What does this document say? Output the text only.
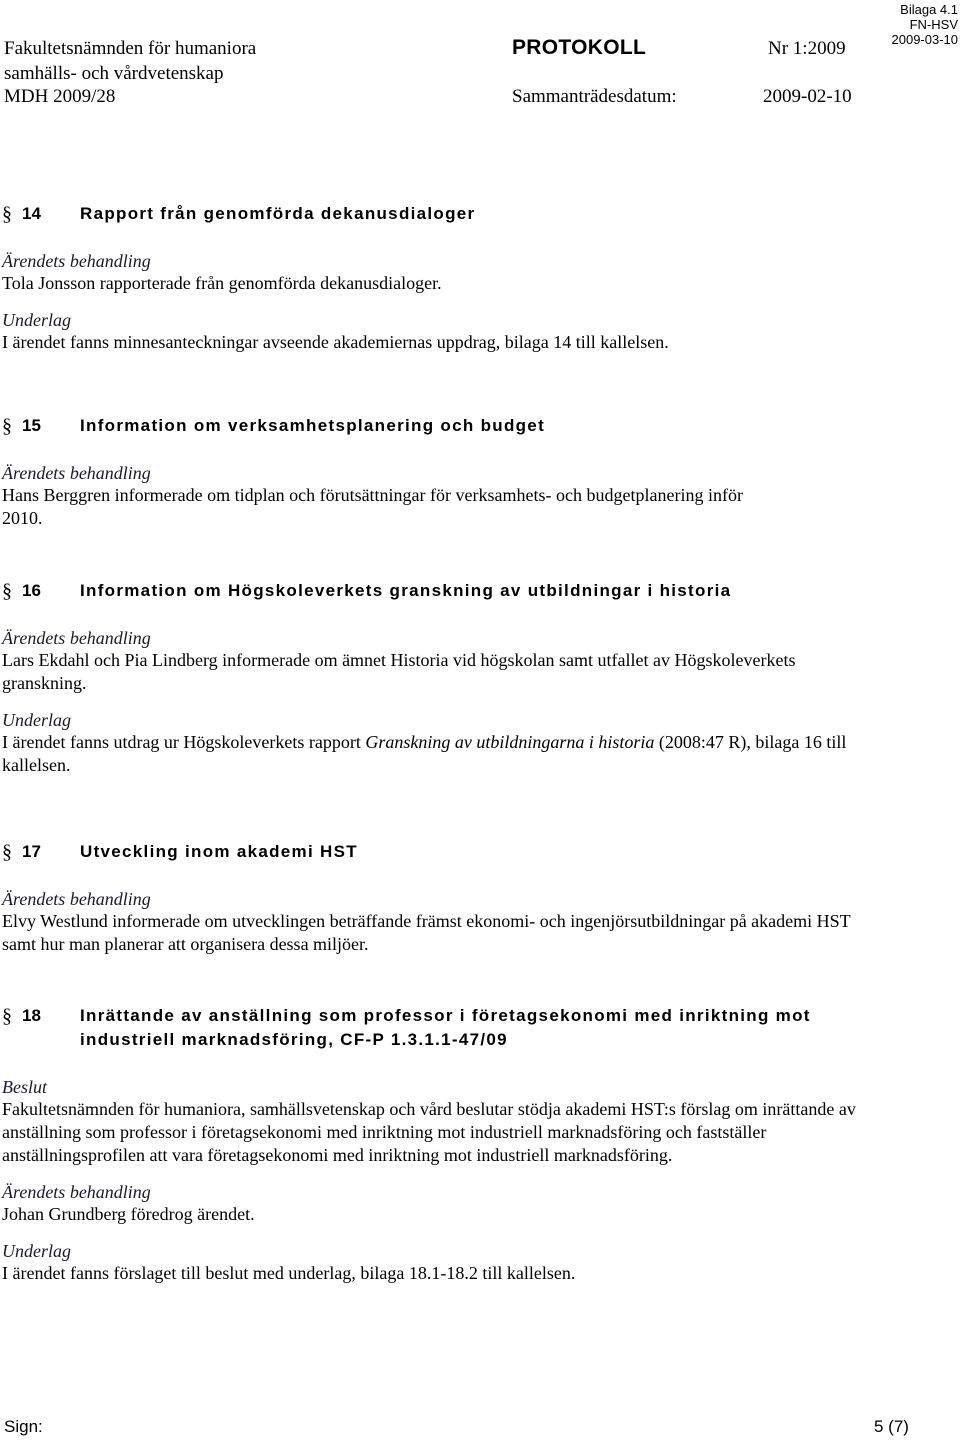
Fakultetsnämnden för humaniora
samhälls- och vårdvetenskap
MDH 2009/28
PROTOKOLL	Nr 1:2009
Sammanträdesdatum:	2009-02-10
Bilaga 4.1
FN-HSV
2009-03-10
§ 14	Rapport från genomförda dekanusdialoger
Ärendets behandling
Tola Jonsson rapporterade från genomförda dekanusdialoger.
Underlag
I ärendet fanns minnesanteckningar avseende akademiernas uppdrag, bilaga 14 till kallelsen.
§ 15	Information om verksamhetsplanering och budget
Ärendets behandling
Hans Berggren informerade om tidplan och förutsättningar för verksamhets- och budgetplanering inför 2010.
§ 16	Information om Högskoleverkets granskning av utbildningar i historia
Ärendets behandling
Lars Ekdahl och Pia Lindberg informerade om ämnet Historia vid högskolan samt utfallet av Högskoleverkets granskning.
Underlag
I ärendet fanns utdrag ur Högskoleverkets rapport Granskning av utbildningarna i historia (2008:47 R), bilaga 16 till kallelsen.
§ 17	Utveckling inom akademi HST
Ärendets behandling
Elvy Westlund informerade om utvecklingen beträffande främst ekonomi- och ingenjörsutbildningar på akademi HST samt hur man planerar att organisera dessa miljöer.
§ 18	Inrättande av anställning som professor i företagsekonomi med inriktning mot industriell marknadsföring, CF-P 1.3.1.1-47/09
Beslut
Fakultetsnämnden för humaniora, samhällsvetenskap och vård beslutar stödja akademi HST:s förslag om inrättande av anställning som professor i företagsekonomi med inriktning mot industriell marknadsföring och fastställer anställningsprofilen att vara företagsekonomi med inriktning mot industriell marknadsföring.
Ärendets behandling
Johan Grundberg föredrog ärendet.
Underlag
I ärendet fanns förslaget till beslut med underlag, bilaga 18.1-18.2 till kallelsen.
Sign:	5 (7)
